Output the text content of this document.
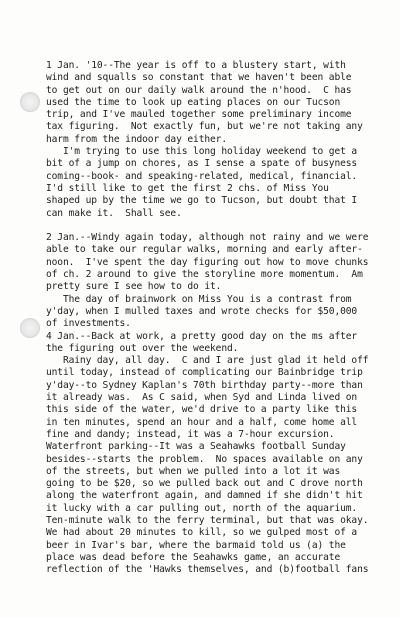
1 Jan. '10--The year is off to a blustery start, with
wind and squalls so constant that we haven't been able
to get out on our daily walk around the n'hood.  C has
used the time to look up eating places on our Tucson
trip, and I've mauled together some preliminary income
tax figuring.  Not exactly fun, but we're not taking any
harm from the indoor day either.
I'm trying to use this long holiday weekend to get a
bit of a jump on chores, as I sense a spate of busyness
coming--book- and speaking-related, medical, financial.
I'd still like to get the first 2 chs. of Miss You
shaped up by the time we go to Tucson, but doubt that I
can make it.  Shall see.
2 Jan.--Windy again today, although not rainy and we were
able to take our regular walks, morning and early after-
noon.  I've spent the day figuring out how to move chunks
of ch. 2 around to give the storyline more momentum.  Am
pretty sure I see how to do it.
The day of brainwork on Miss You is a contrast from
y'day, when I mulled taxes and wrote checks for $50,000
of investments.
4 Jan.--Back at work, a pretty good day on the ms after
the figuring out over the weekend.
Rainy day, all day.  C and I are just glad it held off
until today, instead of complicating our Bainbridge trip
y'day--to Sydney Kaplan's 70th birthday party--more than
it already was.  As C said, when Syd and Linda lived on
this side of the water, we'd drive to a party like this
in ten minutes, spend an hour and a half, come home all
fine and dandy; instead, it was a 7-hour excursion.
Waterfront parking--It was a Seahawks football Sunday
besides--starts the problem.  No spaces available on any
of the streets, but when we pulled into a lot it was
going to be $20, so we pulled back out and C drove north
along the waterfront again, and damned if she didn't hit
it lucky with a car pulling out, north of the aquarium.
Ten-minute walk to the ferry terminal, but that was okay.
We had about 20 minutes to kill, so we gulped most of a
beer in Ivar's bar, where the barmaid told us (a) the
place was dead before the Seahawks game, an accurate
reflection of the 'Hawks themselves, and (b)football fans
